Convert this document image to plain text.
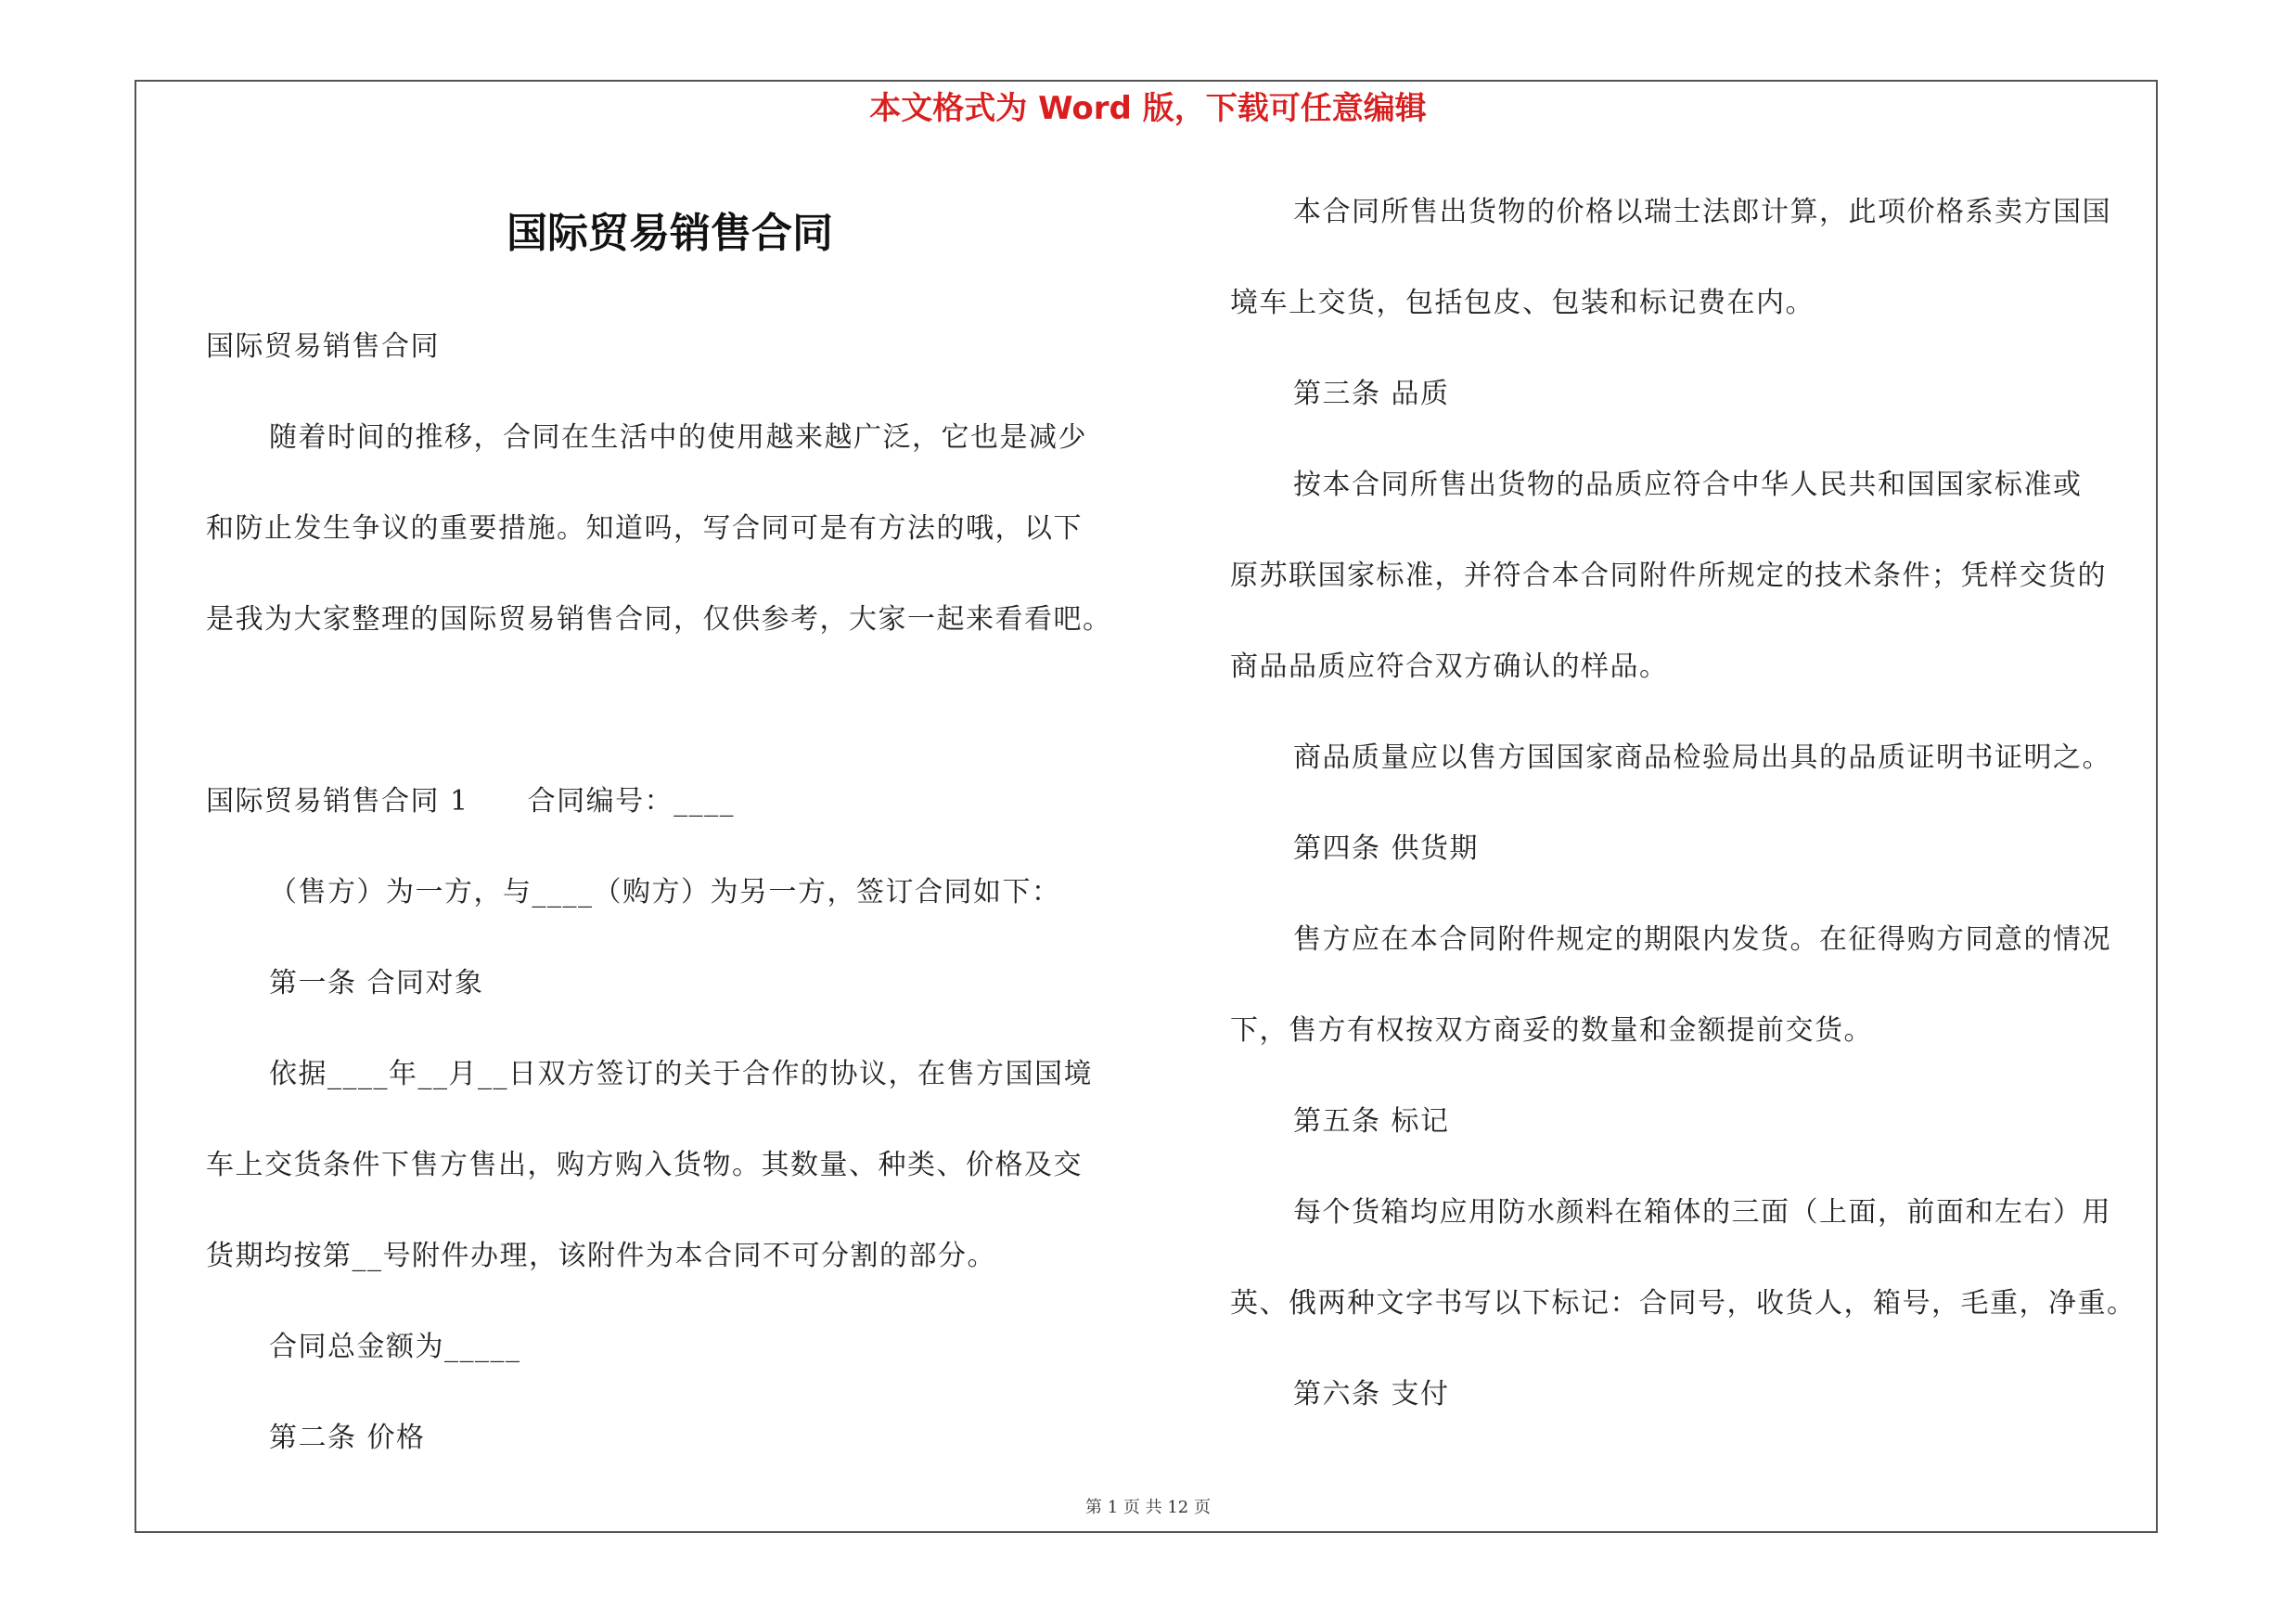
本文格式为 Word 版，下载可任意编辑
国际贸易销售合同
国际贸易销售合同
随着时间的推移，合同在生活中的使用越来越广泛，它也是减少
和防止发生争议的重要措施。知道吗，写合同可是有方法的哦，以下
是我为大家整理的国际贸易销售合同，仅供参考，大家一起来看看吧。
国际贸易销售合同 1　　合同编号：____
（售方）为一方，与____（购方）为另一方，签订合同如下：
第一条 合同对象
依据____年__月__日双方签订的关于合作的协议，在售方国国境
车上交货条件下售方售出，购方购入货物。其数量、种类、价格及交
货期均按第__号附件办理，该附件为本合同不可分割的部分。
合同总金额为_____
第二条 价格
本合同所售出货物的价格以瑞士法郎计算，此项价格系卖方国国
境车上交货，包括包皮、包装和标记费在内。
第三条 品质
按本合同所售出货物的品质应符合中华人民共和国国家标准或
原苏联国家标准，并符合本合同附件所规定的技术条件；凭样交货的
商品品质应符合双方确认的样品。
商品质量应以售方国国家商品检验局出具的品质证明书证明之。
第四条 供货期
售方应在本合同附件规定的期限内发货。在征得购方同意的情况
下，售方有权按双方商妥的数量和金额提前交货。
第五条 标记
每个货箱均应用防水颜料在箱体的三面（上面，前面和左右）用
英、俄两种文字书写以下标记：合同号，收货人，箱号，毛重，净重。
第六条 支付
第 1 页 共 12 页
